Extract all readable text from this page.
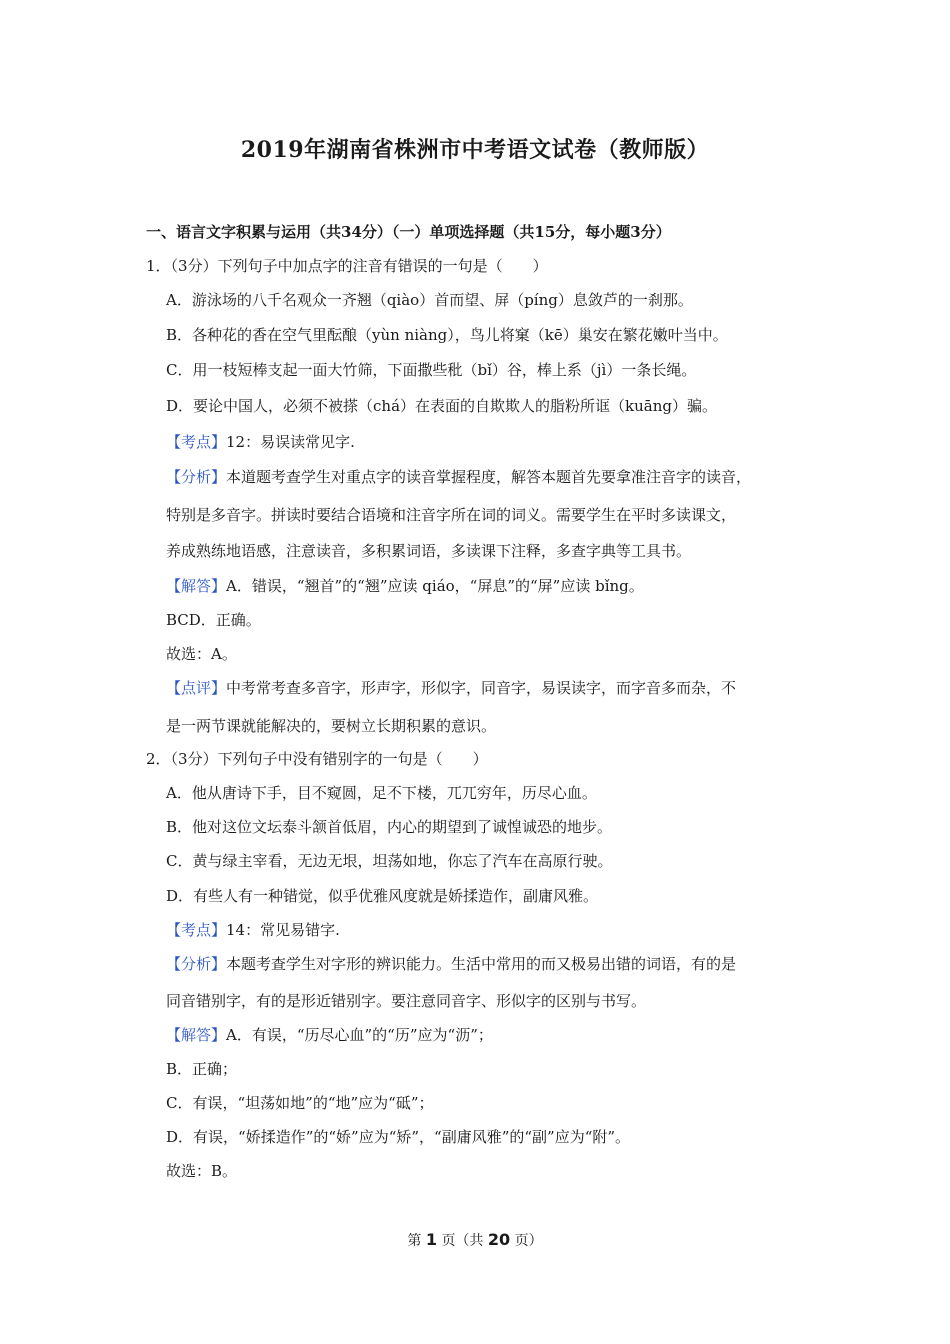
2019年湖南省株洲市中考语文试卷（教师版）
一、语言文字积累与运用（共34分）（一）单项选择题（共15分，每小题3分）
1．（3分）下列句子中加点字的注音有错误的一句是（　　）
A．游泳场的八千名观众一齐翘（qiào）首而望、屏（píng）息敛芦的一刹那。
B．各种花的香在空气里酝酿（yùn niàng），鸟儿将窠（kē）巢安在繁花嫩叶当中。
C．用一枝短棒支起一面大竹筛，下面撒些秕（bǐ）谷，棒上系（jì）一条长绳。
D．要论中国人，必须不被搽（chá）在表面的自欺欺人的脂粉所诓（kuāng）骗。
【考点】12：易误读常见字.
【分析】本道题考查学生对重点字的读音掌握程度，解答本题首先要拿准注音字的读音，
特别是多音字。拼读时要结合语境和注音字所在词的词义。需要学生在平时多读课文，
养成熟练地语感，注意读音，多积累词语，多读课下注释，多查字典等工具书。
【解答】A．错误，“翘首”的“翘”应读 qiáo，“屏息”的“屏”应读 bǐng。
BCD．正确。
故选：A。
【点评】中考常考查多音字，形声字，形似字，同音字，易误读字，而字音多而杂，不
是一两节课就能解决的，要树立长期积累的意识。
2．（3分）下列句子中没有错别字的一句是（　　）
A．他从唐诗下手，目不窥圆，足不下楼，兀兀穷年，历尽心血。
B．他对这位文坛泰斗颔首低眉，内心的期望到了诚惶诚恐的地步。
C．黄与绿主宰看，无边无垠，坦荡如地，你忘了汽车在高原行驶。
D．有些人有一种错觉，似乎优雅风度就是娇揉造作，副庸风雅。
【考点】14：常见易错字.
【分析】本题考查学生对字形的辨识能力。生活中常用的而又极易出错的词语，有的是
同音错别字，有的是形近错别字。要注意同音字、形似字的区别与书写。
【解答】A．有误，“历尽心血”的“历”应为“沥”；
B．正确；
C．有误，“坦荡如地”的“地”应为“砥”；
D．有误，“娇揉造作”的“娇”应为“矫”，“副庸风雅”的“副”应为“附”。
故选：B。
第 1 页（共 20 页）
